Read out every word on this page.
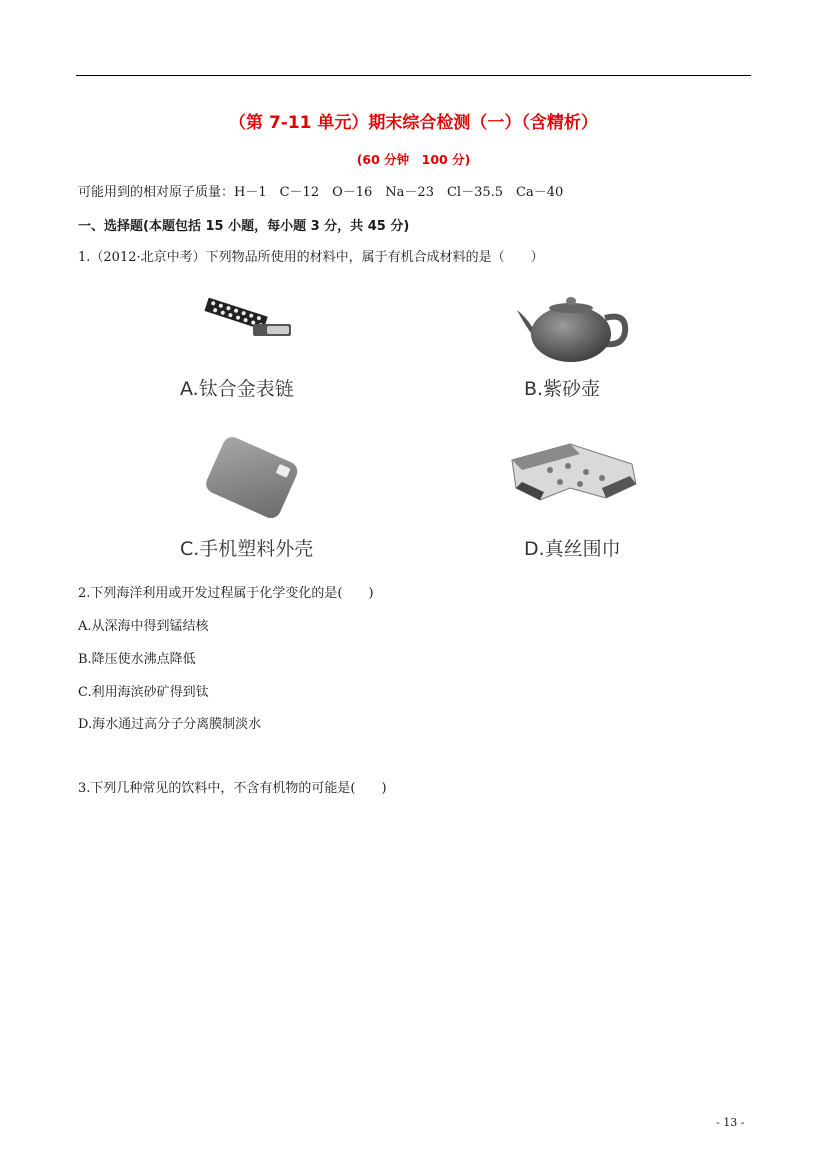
（第 7-11 单元）期末综合检测（一）（含精析）
(60 分钟　100 分)
可能用到的相对原子质量：H－1　C－12　O－16　Na－23　Cl－35.5　Ca－40
一、选择题(本题包括 15 小题，每小题 3 分，共 45 分)
1.（2012·北京中考）下列物品所使用的材料中，属于有机合成材料的是（　　）
A.钛合金表链	B.紫砂壶
C.手机塑料外壳	D.真丝围巾
2.下列海洋利用或开发过程属于化学变化的是(　　)
A.从深海中得到锰结核
B.降压使水沸点降低
C.利用海滨砂矿得到钛
D.海水通过高分子分离膜制淡水
3.下列几种常见的饮料中，不含有机物的可能是(　　)
- 13 -
